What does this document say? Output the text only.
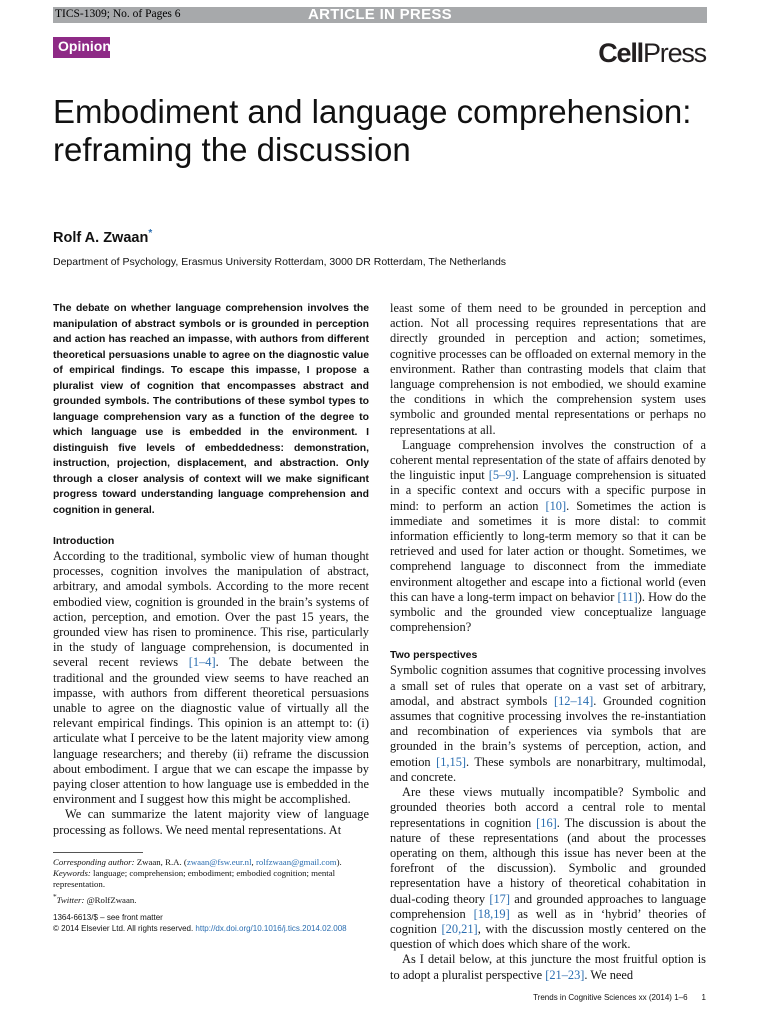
TICS-1309; No. of Pages 6	ARTICLE IN PRESS
Opinion	CellPress
Embodiment and language comprehension: reframing the discussion
Rolf A. Zwaan*
Department of Psychology, Erasmus University Rotterdam, 3000 DR Rotterdam, The Netherlands

The debate on whether language comprehension involves the manipulation of abstract symbols or is grounded in perception and action has reached an impasse, with authors from different theoretical persuasions unable to agree on the diagnostic value of empirical findings. To escape this impasse, I propose a pluralist view of cognition that encompasses abstract and grounded symbols. The contributions of these symbol types to language comprehension vary as a function of the degree to which language use is embedded in the environment. I distinguish five levels of embeddedness: demonstration, instruction, projection, displacement, and abstraction. Only through a closer analysis of context will we make significant progress toward understanding language comprehension and cognition in general.

Introduction

According to the traditional, symbolic view of human thought processes, cognition involves the manipulation of abstract, arbitrary, and amodal symbols. According to the more recent embodied view, cognition is grounded in the brain’s systems of action, perception, and emotion. Over the past 15 years, the grounded view has risen to prominence. This rise, particularly in the study of language comprehension, is documented in several recent reviews [1–4]. The debate between the traditional and the grounded view seems to have reached an impasse, with authors from different theoretical persuasions unable to agree on the diagnostic value of virtually all the relevant empirical findings. This opinion is an attempt to: (i) articulate what I perceive to be the latent majority view among language researchers; and thereby (ii) reframe the discussion about embodiment. I argue that we can escape the impasse by paying closer attention to how language use is embedded in the environment and I suggest how this might be accomplished.

We can summarize the latent majority view of language processing as follows. We need mental representations. At

least some of them need to be grounded in perception and action. Not all processing requires representations that are directly grounded in perception and action; sometimes, cognitive processes can be offloaded on external memory in the environment. Rather than contrasting models that claim that language comprehension is not embodied, we should examine the conditions in which the comprehension system uses symbolic and grounded mental representations or perhaps no representations at all.

Language comprehension involves the construction of a coherent mental representation of the state of affairs denoted by the linguistic input [5–9]. Language comprehension is situated in a specific context and occurs with a specific purpose in mind: to perform an action [10]. Sometimes the action is immediate and sometimes it is more distal: to commit information efficiently to long-term memory so that it can be retrieved and used for later action or thought. Sometimes, we comprehend language to disconnect from the immediate environment altogether and escape into a fictional world (even this can have a long-term impact on behavior [11]). How do the symbolic and the grounded view conceptualize language comprehension?

Two perspectives

Symbolic cognition assumes that cognitive processing involves a small set of rules that operate on a vast set of arbitrary, amodal, and abstract symbols [12–14]. Grounded cognition assumes that cognitive processing involves the re-instantiation and recombination of experiences via symbols that are grounded in the brain’s systems of perception, action, and emotion [1,15]. These symbols are nonarbitrary, multimodal, and concrete.

Are these views mutually incompatible? Symbolic and grounded theories both accord a central role to mental representations in cognition [16]. The discussion is about the nature of these representations (and about the processes operating on them, although this issue has never been at the forefront of the discussion). Symbolic and grounded representation have a history of theoretical cohabitation in dual-coding theory [17] and grounded approaches to language comprehension [18,19] as well as in ‘hybrid’ theories of cognition [20,21], with the discussion mostly centered on the question of which does which share of the work.

As I detail below, at this juncture the most fruitful option is to adopt a pluralist perspective [21–23]. We need

Corresponding author: Zwaan, R.A. (zwaan@fsw.eur.nl, rolfzwaan@gmail.com).
Keywords: language; comprehension; embodiment; embodied cognition; mental representation.
*Twitter: @RolfZwaan.
1364-6613/$ – see front matter
© 2014 Elsevier Ltd. All rights reserved. http://dx.doi.org/10.1016/j.tics.2014.02.008
Trends in Cognitive Sciences xx (2014) 1–6 1
